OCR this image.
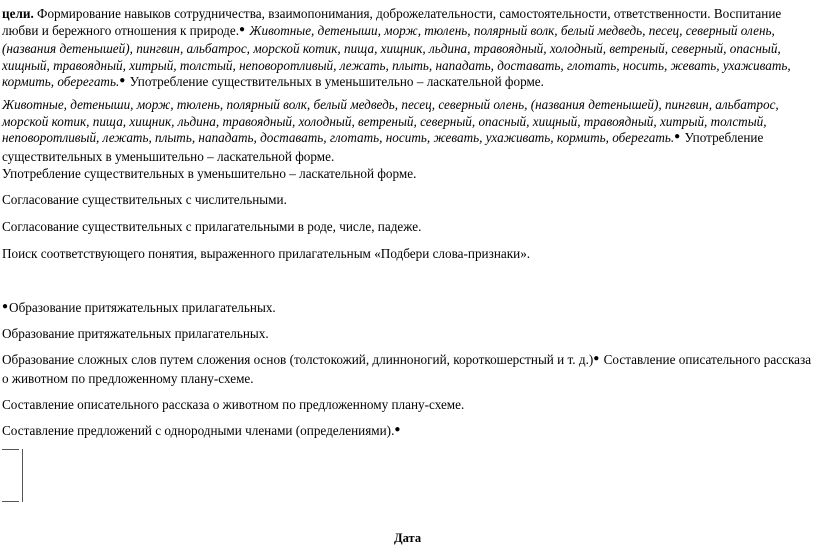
цели. Формирование навыков сотрудничества, взаимопонимания, доброжелательности, самостоятельности, ответственности. Воспитание любви и бережного отношения к природе.● Животные, детеныши, морж, тюлень, полярный волк, белый медведь, песец, северный олень, (названия детенышей), пингвин, альбатрос, морской котик, пища, хищник, льдина, травоядный, холодный, ветреный, северный, опасный, хищный, травоядный, хитрый, толстый, неповоротливый, лежать, плыть, нападать, доставать, глотать, носить, жевать, ухаживать, кормить, оберегать.● Употребление существительных в уменьшительно – ласкательной форме.

Животные, детеныши, морж, тюлень, полярный волк, белый медведь, песец, северный олень, (названия детенышей), пингвин, альбатрос, морской котик, пища, хищник, льдина, травоядный, холодный, ветреный, северный, опасный, хищный, травоядный, хитрый, толстый, неповоротливый, лежать, плыть, нападать, доставать, глотать, носить, жевать, ухаживать, кормить, оберегать.● Употребление существительных в уменьшительно – ласкательной форме.

Употребление существительных в уменьшительно – ласкательной форме.

Согласование существительных с числительными.

Согласование существительных с прилагательными в роде, числе, падеже.

Поиск соответствующего понятия, выраженного прилагательным «Подбери слова-признаки».

●Образование притяжательных прилагательных.

Образование притяжательных прилагательных.

Образование сложных слов путем сложения основ (толстокожий, длинноногий, короткошерстный и т. д.)● Составление описательного рассказа о животном по предложенному плану-схеме.

Составление описательного рассказа о животном по предложенному плану-схеме.

Составление предложений с однородными членами (определениями).●

Дата
